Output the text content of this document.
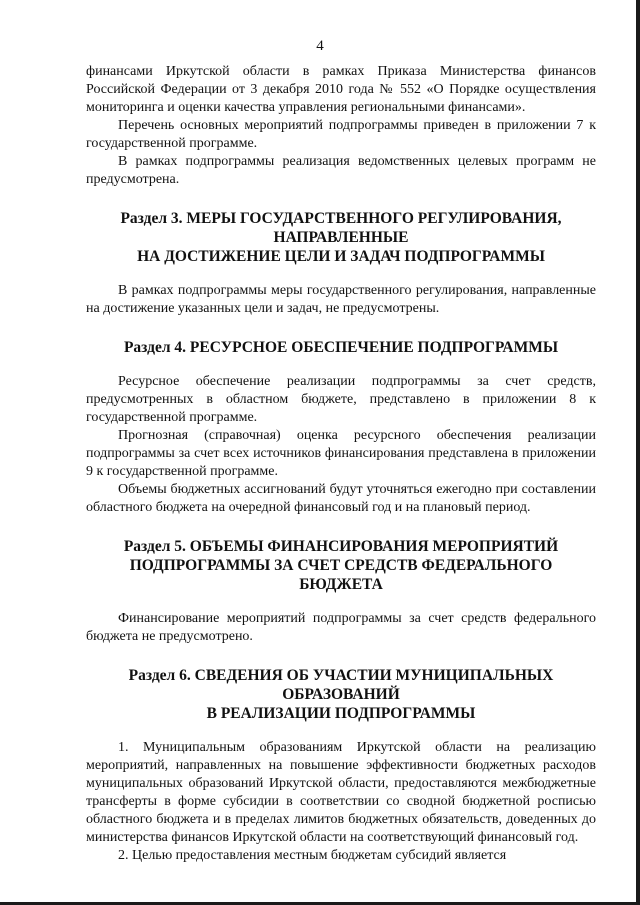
4

финансами Иркутской области в рамках Приказа Министерства финансов Российской Федерации от 3 декабря 2010 года № 552 «О Порядке осуществления мониторинга и оценки качества управления региональными финансами».

Перечень основных мероприятий подпрограммы приведен в приложении 7 к государственной программе.

В рамках подпрограммы реализация ведомственных целевых программ не предусмотрена.

Раздел 3. МЕРЫ ГОСУДАРСТВЕННОГО РЕГУЛИРОВАНИЯ,
НАПРАВЛЕННЫЕ
НА ДОСТИЖЕНИЕ ЦЕЛИ И ЗАДАЧ ПОДПРОГРАММЫ

В рамках подпрограммы меры государственного регулирования, направленные на достижение указанных цели и задач, не предусмотрены.

Раздел 4. РЕСУРСНОЕ ОБЕСПЕЧЕНИЕ ПОДПРОГРАММЫ

Ресурсное обеспечение реализации подпрограммы за счет средств, предусмотренных в областном бюджете, представлено в приложении 8 к государственной программе.

Прогнозная (справочная) оценка ресурсного обеспечения реализации подпрограммы за счет всех источников финансирования представлена в приложении 9 к государственной программе.

Объемы бюджетных ассигнований будут уточняться ежегодно при составлении областного бюджета на очередной финансовый год и на плановый период.

Раздел 5. ОБЪЕМЫ ФИНАНСИРОВАНИЯ МЕРОПРИЯТИЙ
ПОДПРОГРАММЫ ЗА СЧЕТ СРЕДСТВ ФЕДЕРАЛЬНОГО БЮДЖЕТА

Финансирование мероприятий подпрограммы за счет средств федерального бюджета не предусмотрено.

Раздел 6. СВЕДЕНИЯ ОБ УЧАСТИИ МУНИЦИПАЛЬНЫХ ОБРАЗОВАНИЙ
В РЕАЛИЗАЦИИ ПОДПРОГРАММЫ

1. Муниципальным образованиям Иркутской области на реализацию мероприятий, направленных на повышение эффективности бюджетных расходов муниципальных образований Иркутской области, предоставляются межбюджетные трансферты в форме субсидии в соответствии со сводной бюджетной росписью областного бюджета и в пределах лимитов бюджетных обязательств, доведенных до министерства финансов Иркутской области на соответствующий финансовый год.

2. Целью предоставления местным бюджетам субсидий является
